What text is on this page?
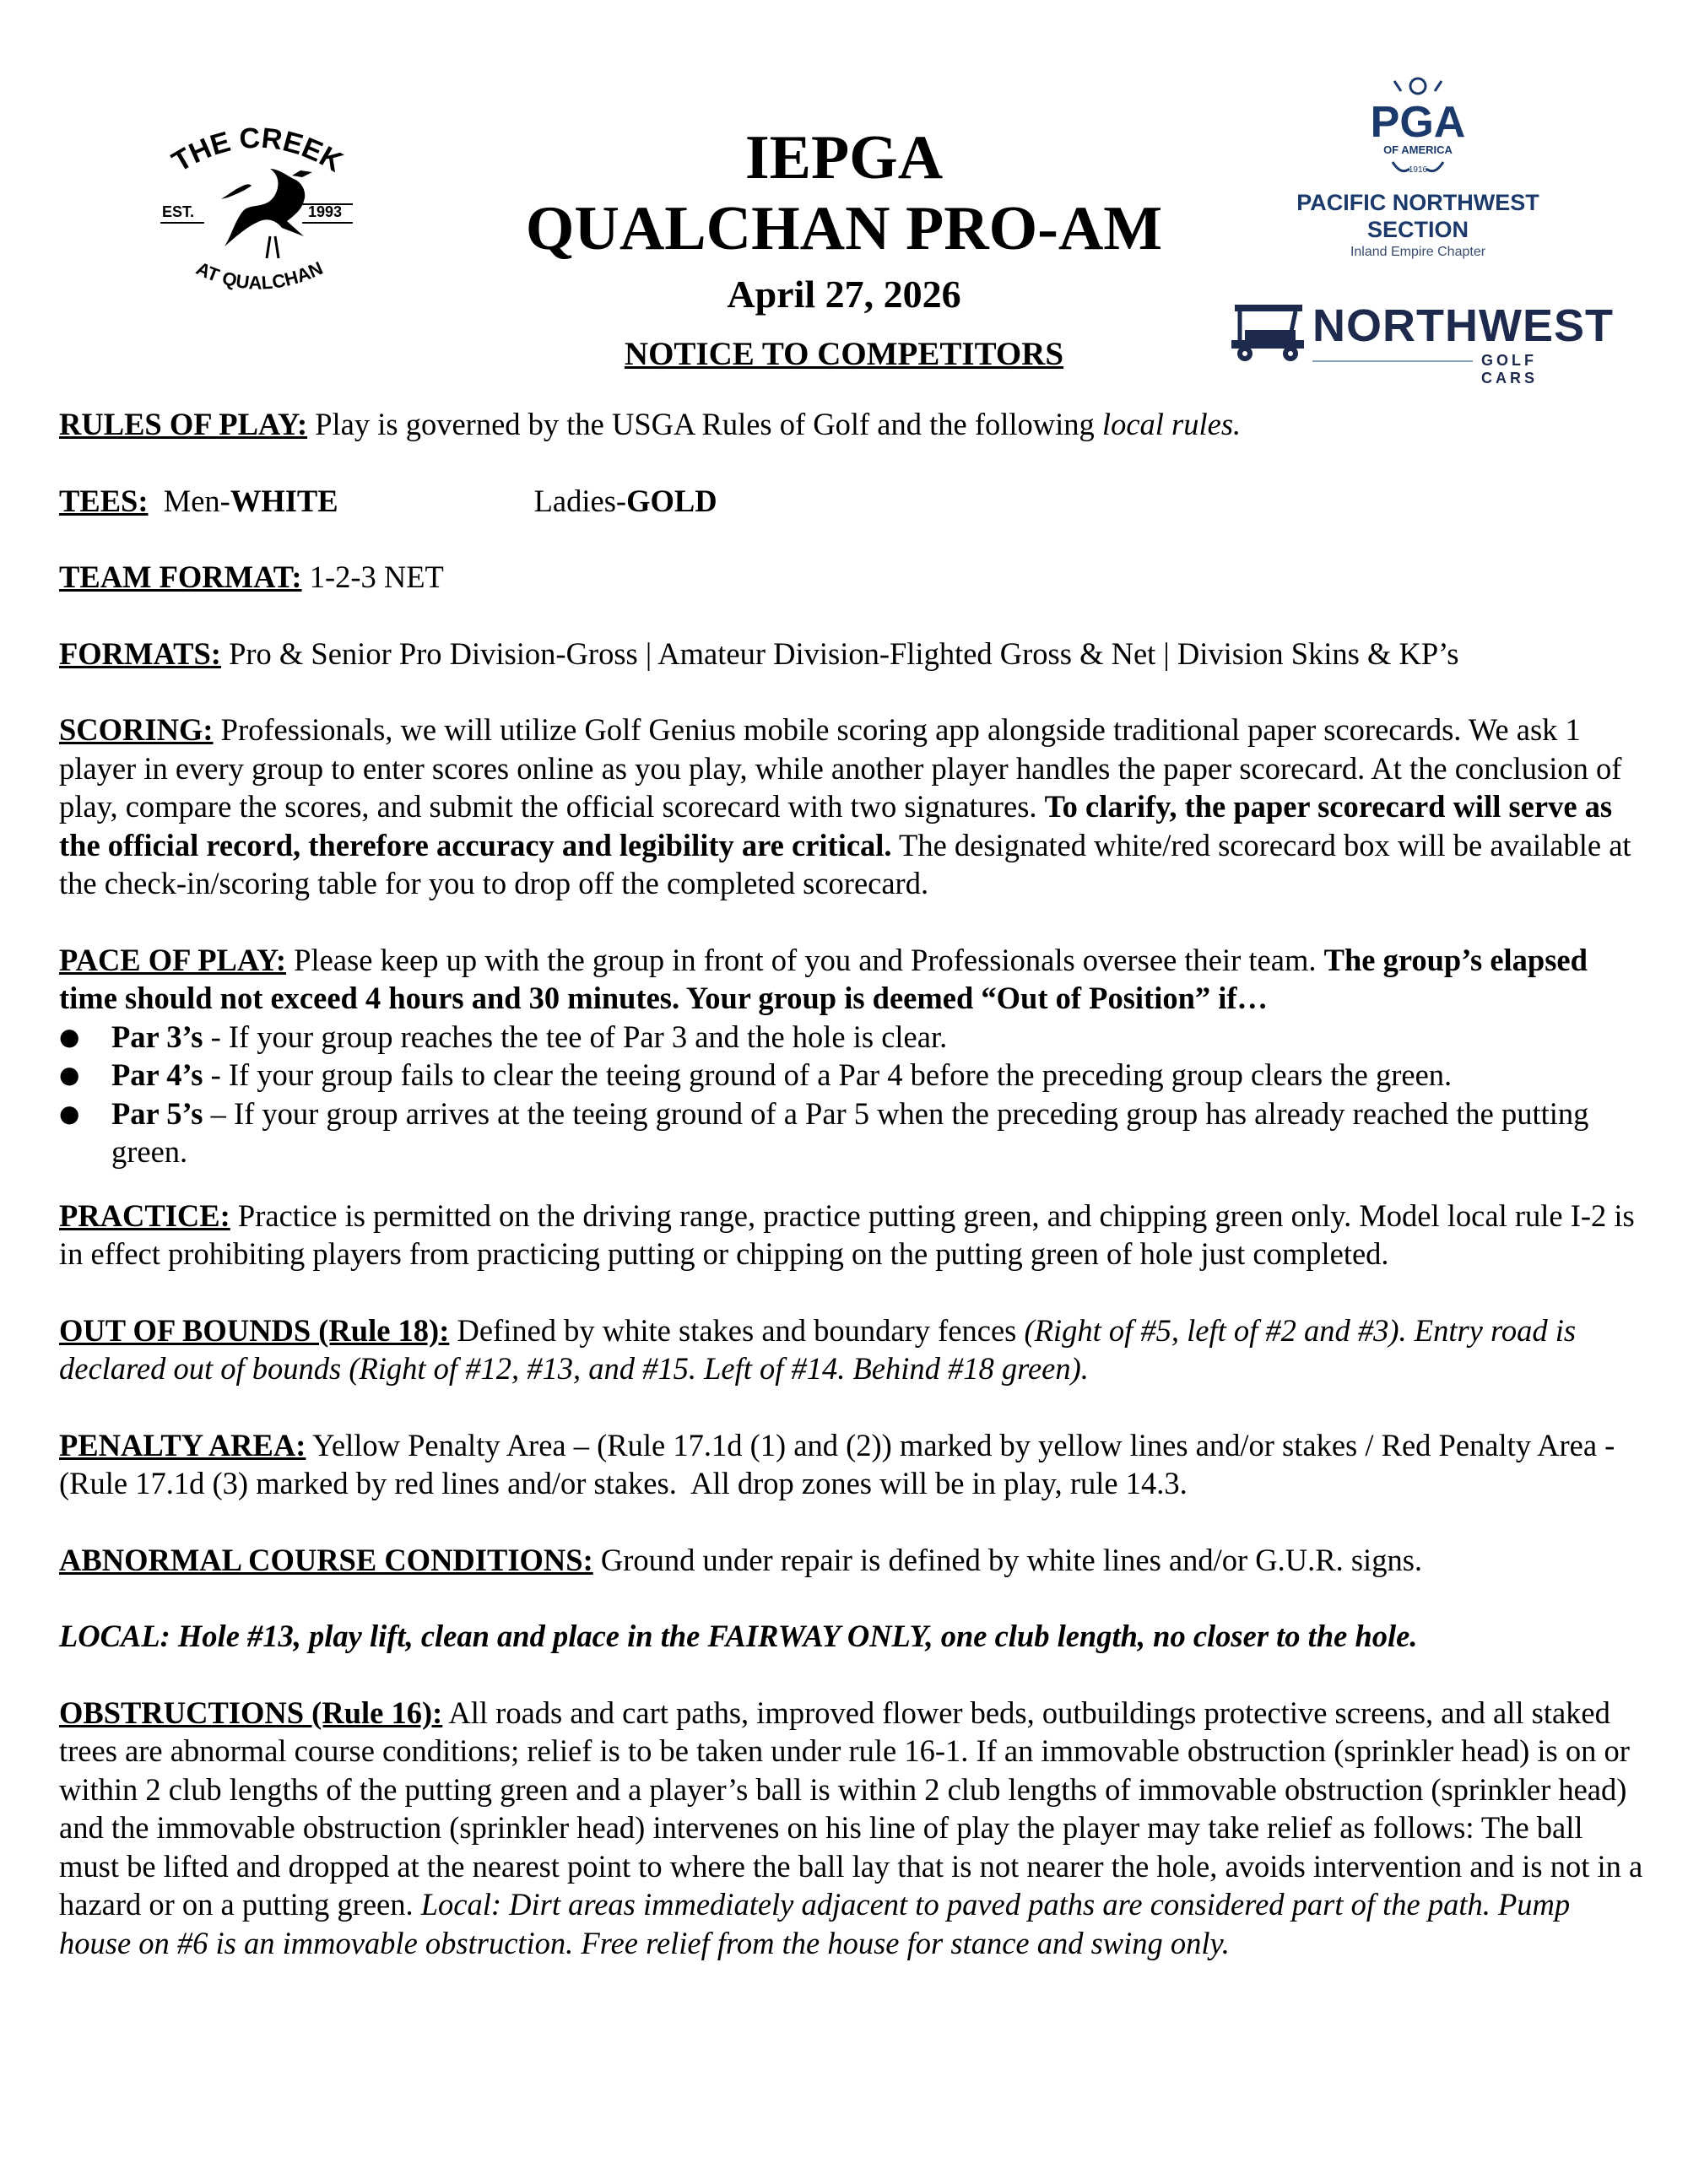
THE CREEK
AT QUALCHAN
EST.	1993
IEPGA
QUALCHAN PRO-AM
April 27, 2026
NOTICE TO COMPETITORS
PGA
OF AMERICA
1916
PACIFIC NORTHWEST
SECTION
Inland Empire Chapter
NORTHWEST
GOLF CARS

RULES OF PLAY: Play is governed by the USGA Rules of Golf and the following local rules.

TEES:  Men-WHITE	Ladies-GOLD

TEAM FORMAT: 1-2-3 NET

FORMATS: Pro & Senior Pro Division-Gross | Amateur Division-Flighted Gross & Net | Division Skins & KP’s

SCORING: Professionals, we will utilize Golf Genius mobile scoring app alongside traditional paper scorecards. We ask 1 player in every group to enter scores online as you play, while another player handles the paper scorecard. At the conclusion of play, compare the scores, and submit the official scorecard with two signatures. To clarify, the paper scorecard will serve as the official record, therefore accuracy and legibility are critical. The designated white/red scorecard box will be available at the check-in/scoring table for you to drop off the completed scorecard.

PACE OF PLAY: Please keep up with the group in front of you and Professionals oversee their team. The group’s elapsed time should not exceed 4 hours and 30 minutes. Your group is deemed “Out of Position” if…

● Par 3’s - If your group reaches the tee of Par 3 and the hole is clear.
● Par 4’s - If your group fails to clear the teeing ground of a Par 4 before the preceding group clears the green.
● Par 5’s – If your group arrives at the teeing ground of a Par 5 when the preceding group has already reached the putting green.

PRACTICE: Practice is permitted on the driving range, practice putting green, and chipping green only. Model local rule I-2 is in effect prohibiting players from practicing putting or chipping on the putting green of hole just completed.

OUT OF BOUNDS (Rule 18): Defined by white stakes and boundary fences (Right of #5, left of #2 and #3). Entry road is declared out of bounds (Right of #12, #13, and #15. Left of #14. Behind #18 green).

PENALTY AREA: Yellow Penalty Area – (Rule 17.1d (1) and (2)) marked by yellow lines and/or stakes / Red Penalty Area - (Rule 17.1d (3) marked by red lines and/or stakes.  All drop zones will be in play, rule 14.3.

ABNORMAL COURSE CONDITIONS: Ground under repair is defined by white lines and/or G.U.R. signs.

LOCAL: Hole #13, play lift, clean and place in the FAIRWAY ONLY, one club length, no closer to the hole.

OBSTRUCTIONS (Rule 16): All roads and cart paths, improved flower beds, outbuildings protective screens, and all staked trees are abnormal course conditions; relief is to be taken under rule 16-1. If an immovable obstruction (sprinkler head) is on or within 2 club lengths of the putting green and a player’s ball is within 2 club lengths of immovable obstruction (sprinkler head) and the immovable obstruction (sprinkler head) intervenes on his line of play the player may take relief as follows: The ball must be lifted and dropped at the nearest point to where the ball lay that is not nearer the hole, avoids intervention and is not in a hazard or on a putting green. Local: Dirt areas immediately adjacent to paved paths are considered part of the path. Pump house on #6 is an immovable obstruction. Free relief from the house for stance and swing only.
